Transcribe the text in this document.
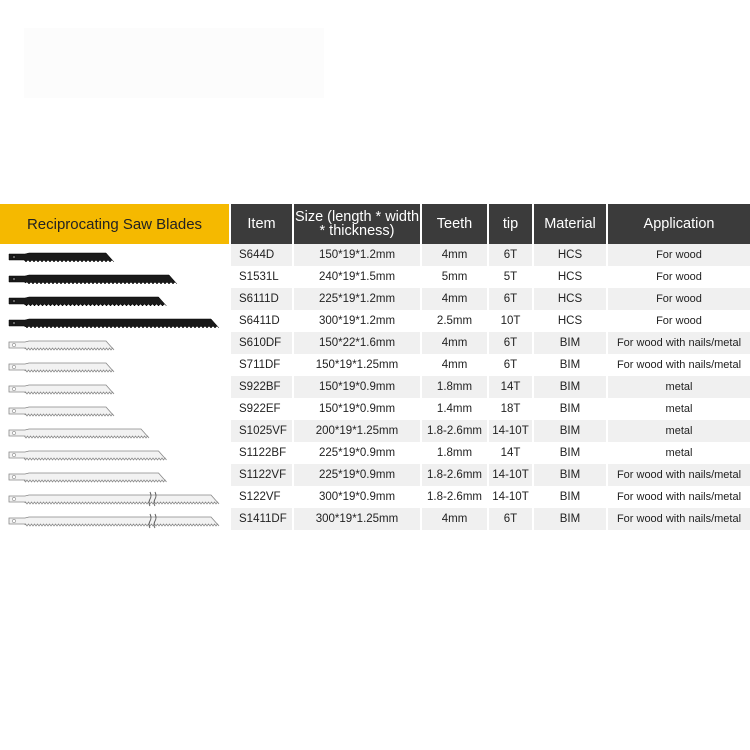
Reciprocating Saw Blades	Item	Size (length * width * thickness)	Teeth	tip	Material	Application
S644D	150*19*1.2mm	4mm	6T	HCS	For wood
S1531L	240*19*1.5mm	5mm	5T	HCS	For wood
S6111D	225*19*1.2mm	4mm	6T	HCS	For wood
S6411D	300*19*1.2mm	2.5mm	10T	HCS	For wood
S610DF	150*22*1.6mm	4mm	6T	BIM	For wood with nails/metal
S711DF	150*19*1.25mm	4mm	6T	BIM	For wood with nails/metal
S922BF	150*19*0.9mm	1.8mm	14T	BIM	metal
S922EF	150*19*0.9mm	1.4mm	18T	BIM	metal
S1025VF	200*19*1.25mm	1.8-2.6mm	14-10T	BIM	metal
S1122BF	225*19*0.9mm	1.8mm	14T	BIM	metal
S1122VF	225*19*0.9mm	1.8-2.6mm	14-10T	BIM	For wood with nails/metal
S122VF	300*19*0.9mm	1.8-2.6mm	14-10T	BIM	For wood with nails/metal
S1411DF	300*19*1.25mm	4mm	6T	BIM	For wood with nails/metal
